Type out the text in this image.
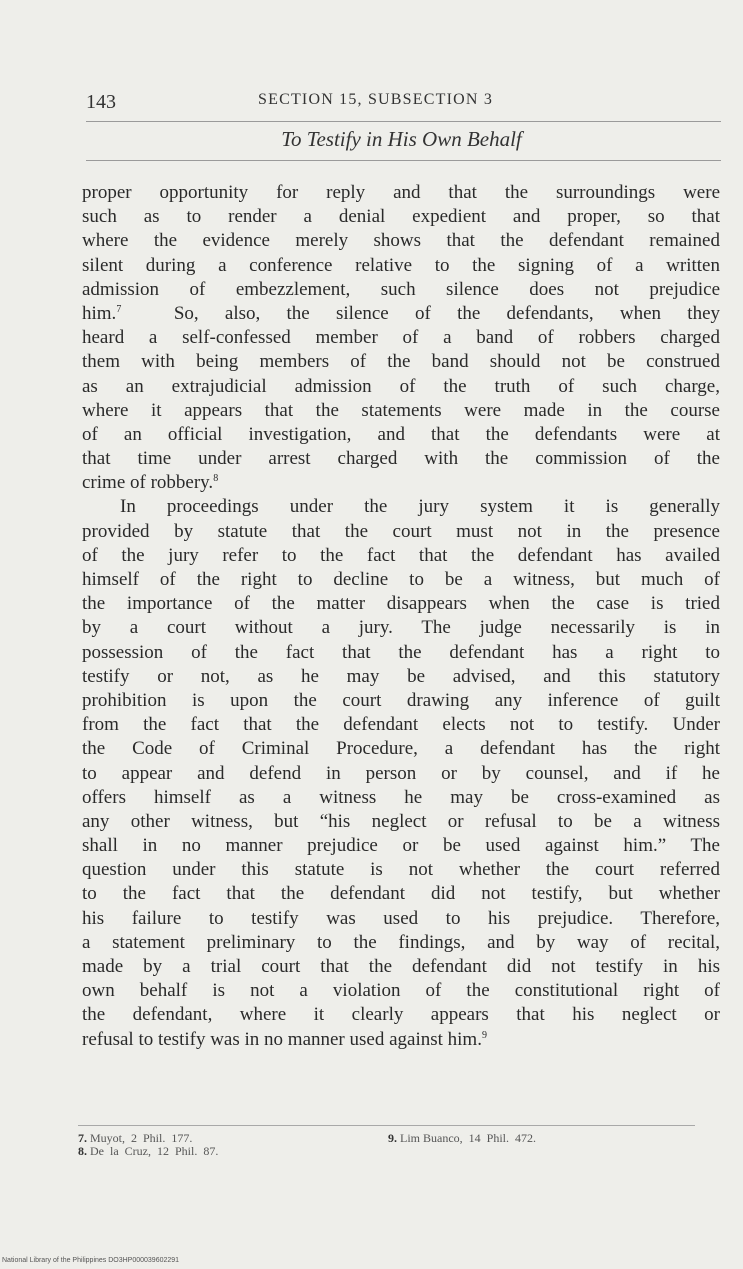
143	SECTION 15, SUBSECTION 3
To Testify in His Own Behalf
proper opportunity for reply and that the surroundings were
such as to render a denial expedient and proper, so that
where the evidence merely shows that the defendant remained
silent during a conference relative to the signing of a written
admission of embezzlement, such silence does not prejudice
him.$^7$  So, also, the silence of the defendants, when they
heard a self-confessed member of a band of robbers charged
them with being members of the band should not be construed
as an extrajudicial admission of the truth of such charge,
where it appears that the statements were made in the course
of an official investigation, and that the defendants were at
that time under arrest charged with the commission of the
crime of robbery.$^8$
In proceedings under the jury system it is generally
provided by statute that the court must not in the presence
of the jury refer to the fact that the defendant has availed
himself of the right to decline to be a witness, but much of
the importance of the matter disappears when the case is tried
by a court without a jury. The judge necessarily is in
possession of the fact that the defendant has a right to
testify or not, as he may be advised, and this statutory
prohibition is upon the court drawing any inference of guilt
from the fact that the defendant elects not to testify. Under
the Code of Criminal Procedure, a defendant has the right
to appear and defend in person or by counsel, and if he
offers himself as a witness he may be cross-examined as
any other witness, but “his neglect or refusal to be a witness
shall in no manner prejudice or be used against him.” The
question under this statute is not whether the court referred
to the fact that the defendant did not testify, but whether
his failure to testify was used to his prejudice. Therefore,
a statement preliminary to the findings, and by way of recital,
made by a trial court that the defendant did not testify in his
own behalf is not a violation of the constitutional right of
the defendant, where it clearly appears that his neglect or
refusal to testify was in no manner used against him.$^9$
7. Muyot,  2  Phil.  177.
8. De  la  Cruz,  12  Phil.  87.
9. Lim Buanco,  14  Phil.  472.
National Library of the Philippines DO3HP000039602291
